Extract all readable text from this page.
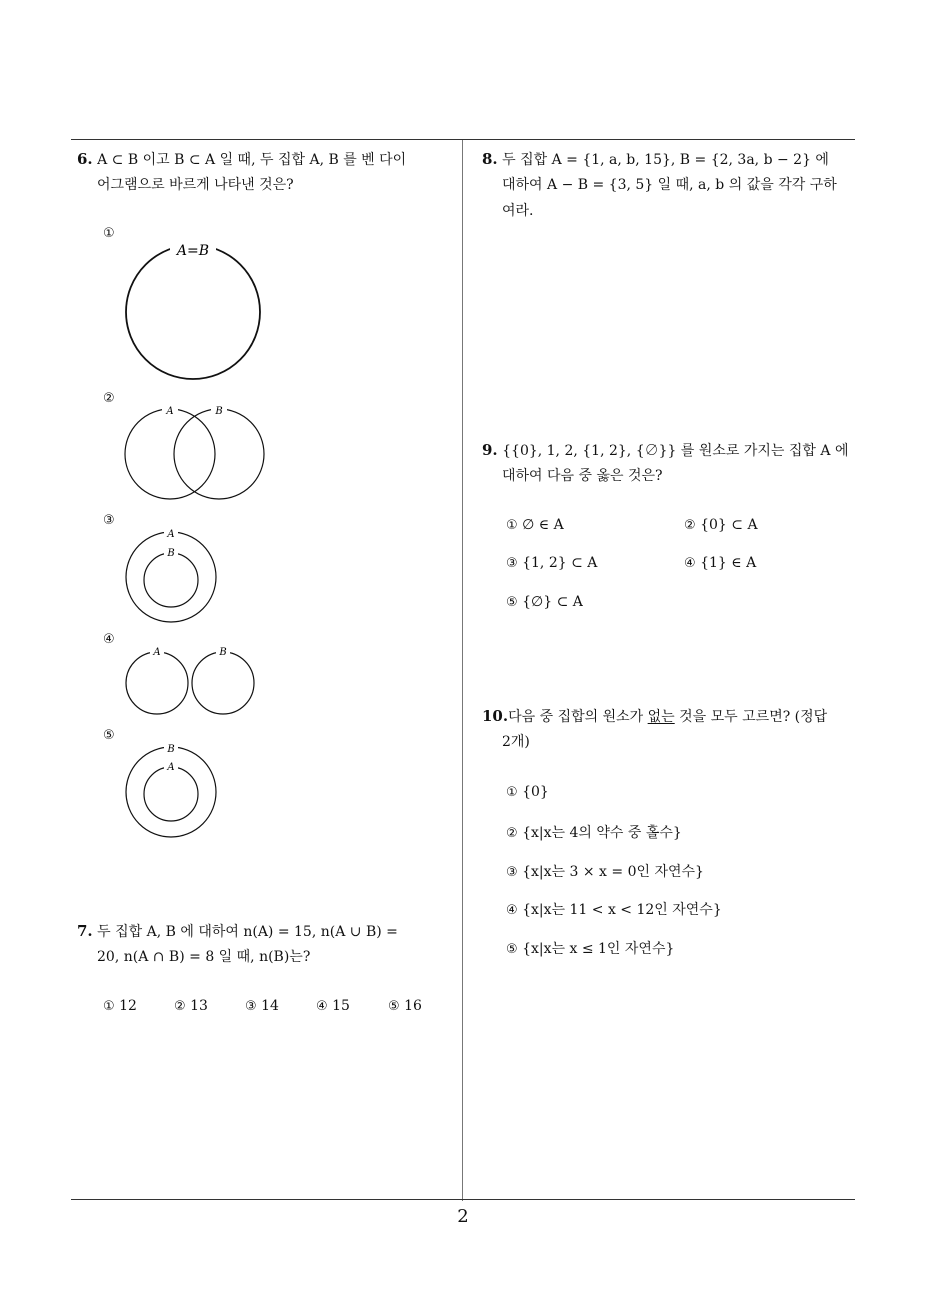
6. A ⊂ B 이고 B ⊂ A 일 때, 두 집합 A, B 를 벤 다이
어그램으로 바르게 나타낸 것은?
①
A=B
②
A	B
③
A
B
④
A	B
⑤
B
A
7. 두 집합 A, B 에 대하여 n(A) = 15, n(A ∪ B) =
20, n(A ∩ B) = 8 일 때, n(B)는?
① 12	② 13	③ 14	④ 15	⑤ 16
8. 두 집합 A = {1, a, b, 15}, B = {2, 3a, b − 2} 에
대하여 A − B = {3, 5} 일 때, a, b 의 값을 각각 구하
여라.
9. {{0}, 1, 2, {1, 2}, {∅}} 를 원소로 가지는 집합 A 에
대하여 다음 중 옳은 것은?
① ∅ ∈ A	② {0} ⊂ A
③ {1, 2} ⊂ A	④ {1} ∈ A
⑤ {∅} ⊂ A
10.다음 중 집합의 원소가 없는 것을 모두 고르면? (정답
2개)
① {0}
② {x|x는 4의 약수 중 홀수}
③ {x|x는 3 × x = 0인 자연수}
④ {x|x는 11 < x < 12인 자연수}
⑤ {x|x는 x ≤ 1인 자연수}
2
